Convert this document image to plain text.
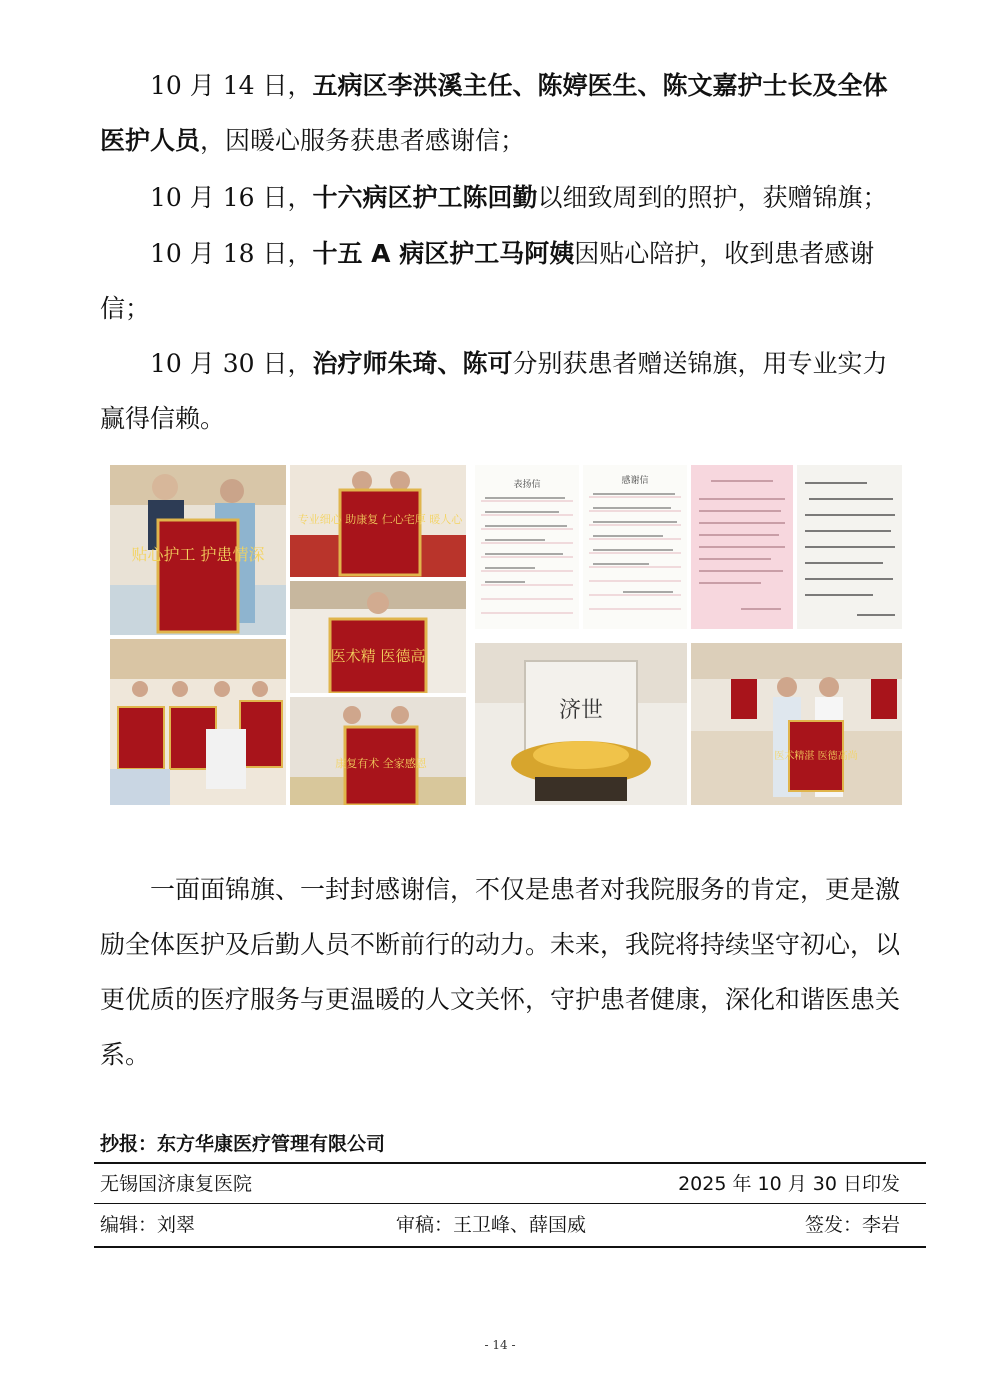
10 月 14 日，五病区李洪溪主任、陈婷医生、陈文嘉护士长及全体医护人员，因暖心服务获患者感谢信；

10 月 16 日，十六病区护工陈回勤以细致周到的照护，获赠锦旗；

10 月 18 日，十五 A 病区护工马阿姨因贴心陪护，收到患者感谢信；

10 月 30 日，治疗师朱琦、陈可分别获患者赠送锦旗，用专业实力赢得信赖。

贴心护工 护患情深
专业细心 助康复 仁心宅厚 暖人心
医术精 医德高
康复有术 全家感恩
表扬信	感谢信
济世
医术精湛 医德高尚

一面面锦旗、一封封感谢信，不仅是患者对我院服务的肯定，更是激励全体医护及后勤人员不断前行的动力。未来，我院将持续坚守初心，以更优质的医疗服务与更温暖的人文关怀，守护患者健康，深化和谐医患关系。

抄报：东方华康医疗管理有限公司
无锡国济康复医院	2025 年 10 月 30 日印发
编辑：刘翠	审稿：王卫峰、薛国威	签发：李岩
- 14 -
